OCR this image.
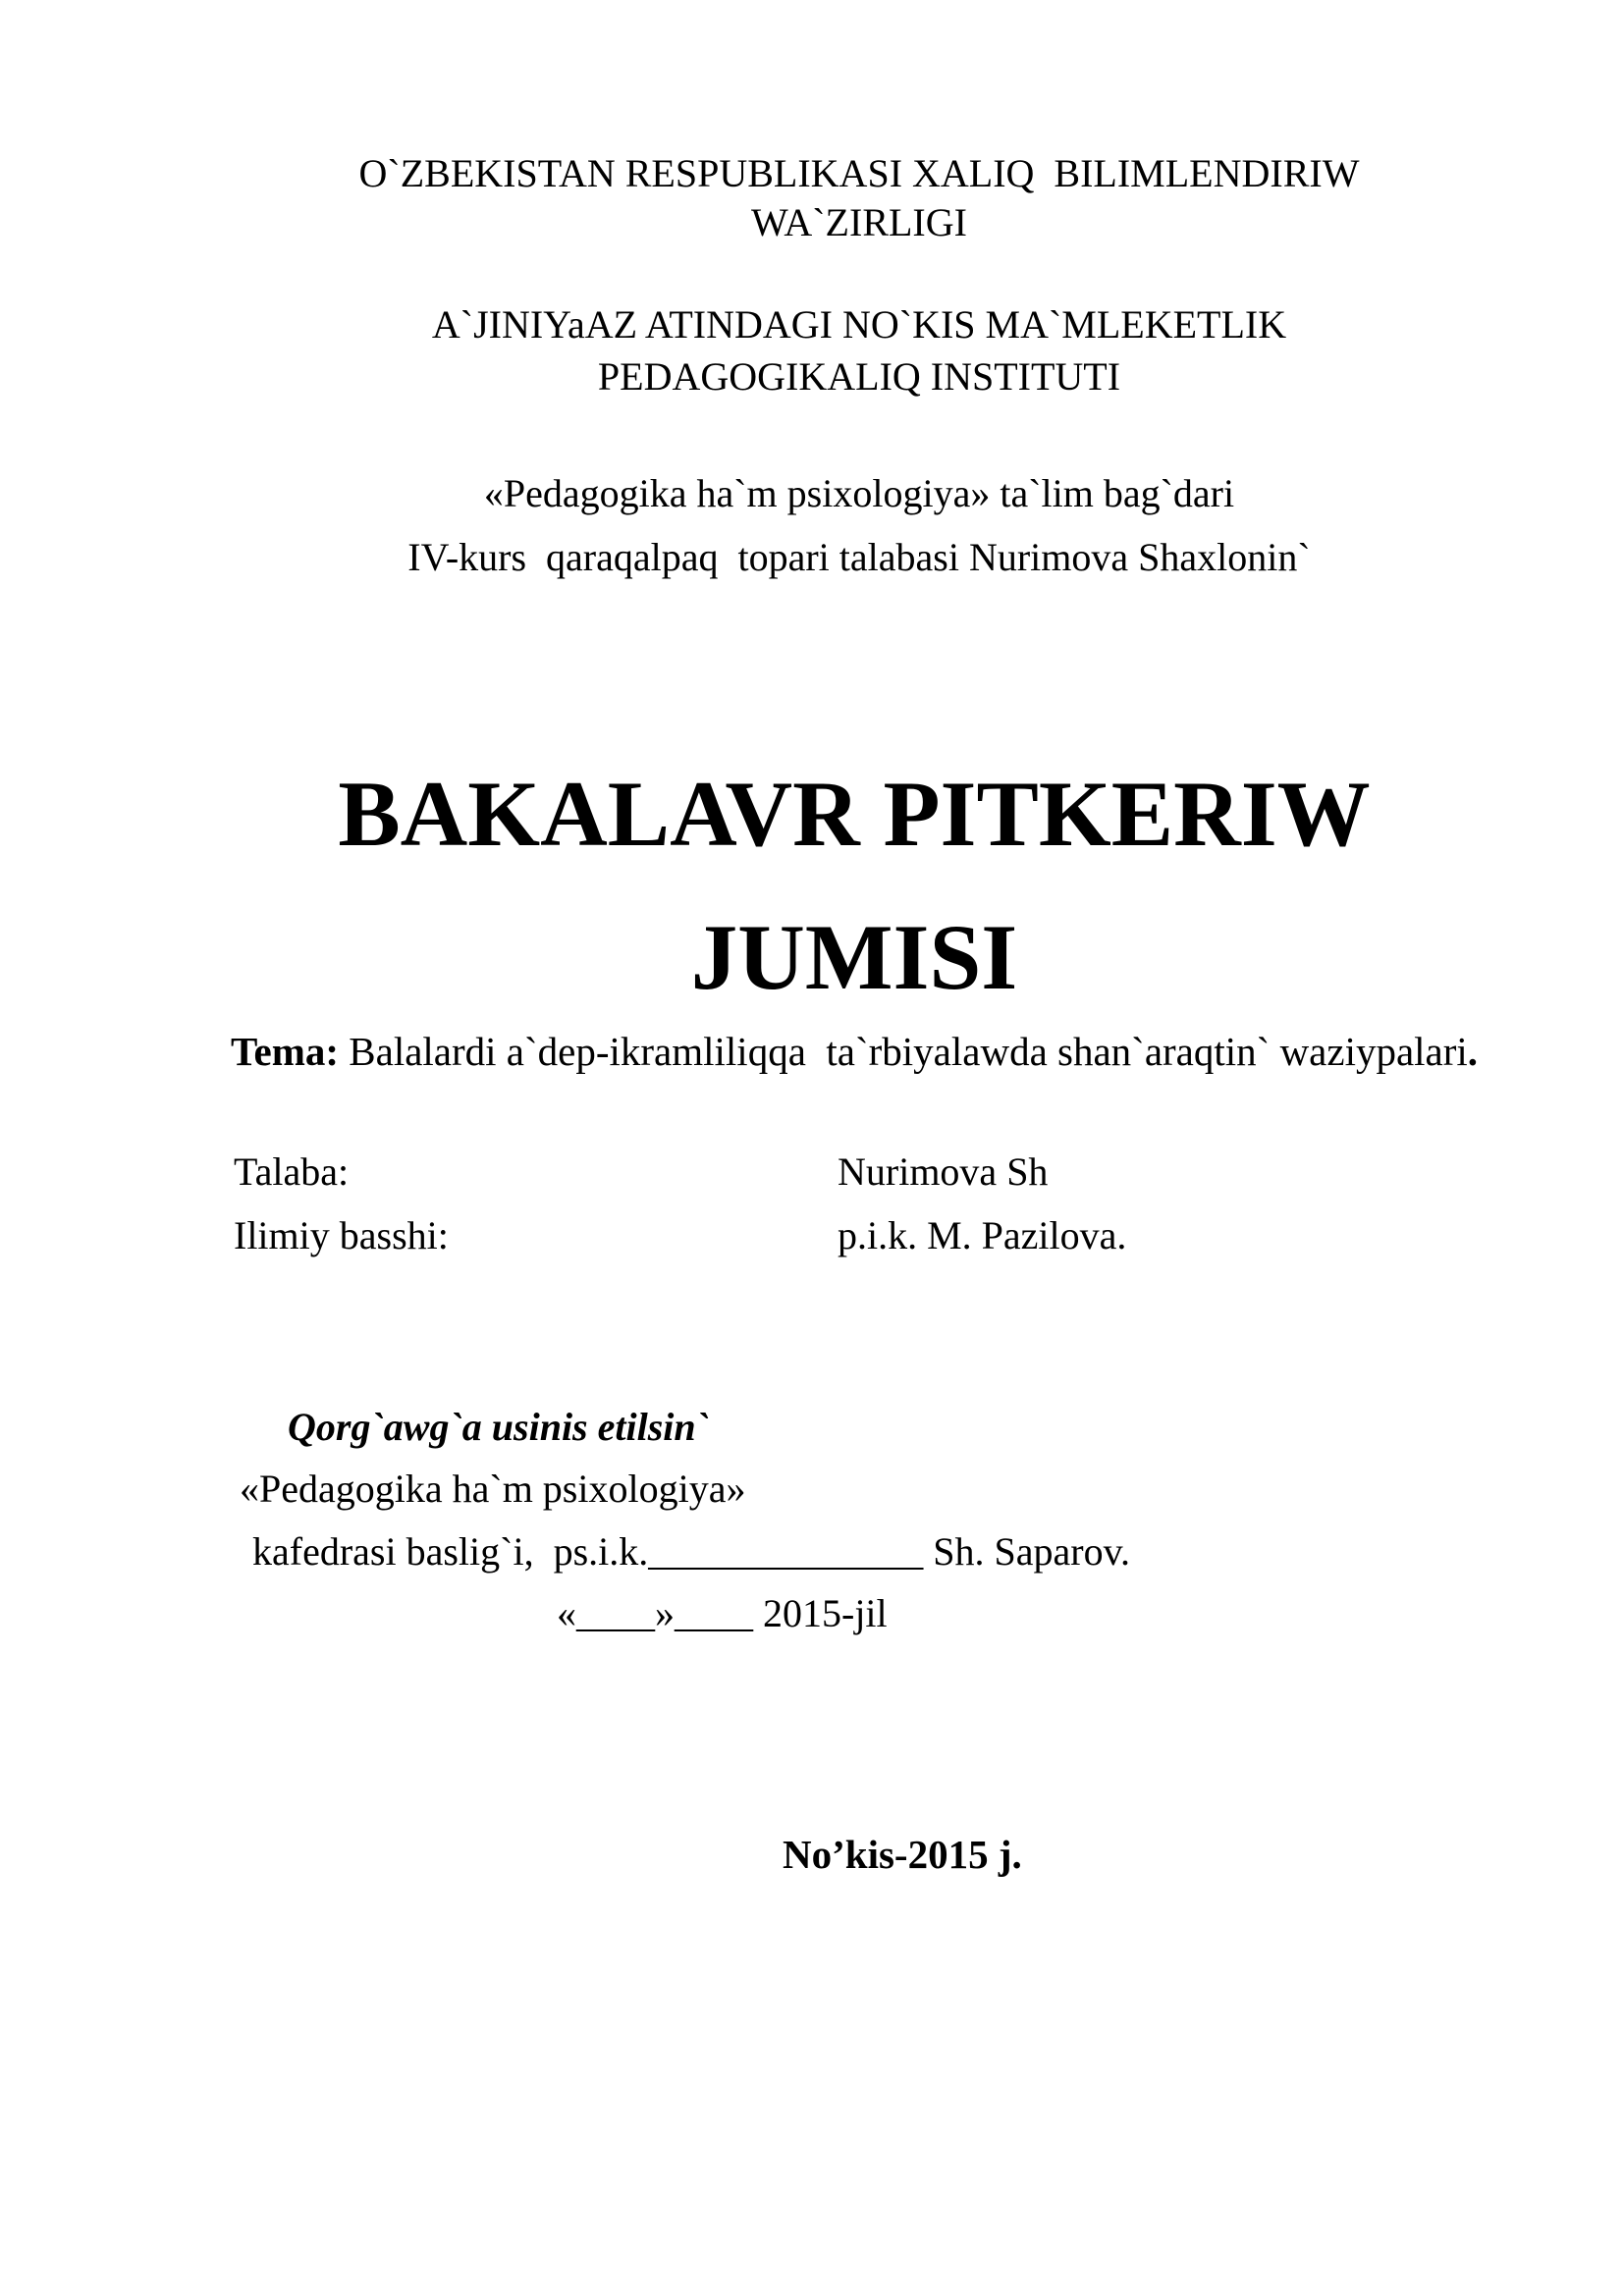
O`ZBEKISTAN RESPUBLIKASI XALIQ  BILIMLENDIRIW
WA`ZIRLIGI

A`JINIYaAZ ATINDAGI NO`KIS MA`MLEKETLIK
PEDAGOGIKALIQ INSTITUTI

«Pedagogika ha`m psixologiya» ta`lim bag`dari
IV-kurs  qaraqalpaq  topari talabasi Nurimova Shaxlonin`

BAKALAVR PITKERIW
JUMISI

Tema: Balalardi a`dep-ikramliliqqa  ta`rbiyalawda shan`araqtin` waziypalari.

Talaba:	Nurimova Sh
Ilimiy basshi:	p.i.k. M. Pazilova.

Qorg`awg`a usinis etilsin`

«Pedagogika ha`m psixologiya»

kafedrasi baslig`i,  ps.i.k.______________ Sh. Saparov.

«____»____ 2015-jil

No’kis-2015 j.
